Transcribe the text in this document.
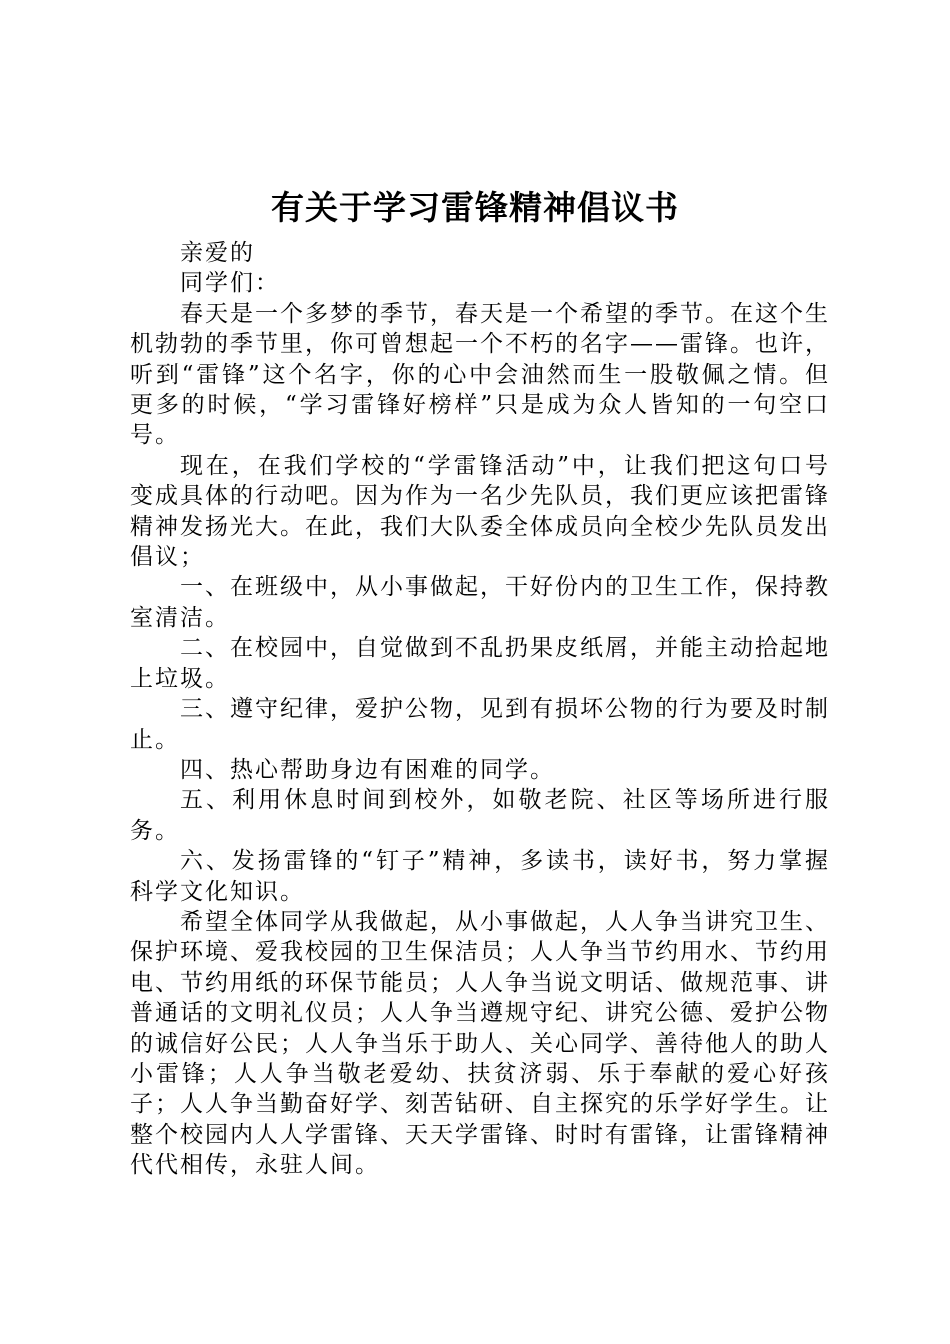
有关于学习雷锋精神倡议书

亲爱的

同学们：

春天是一个多梦的季节，春天是一个希望的季节。在这个生机勃勃的季节里，你可曾想起一个不朽的名字——雷锋。也许，听到“雷锋”这个名字，你的心中会油然而生一股敬佩之情。但更多的时候，“学习雷锋好榜样”只是成为众人皆知的一句空口号。

现在，在我们学校的“学雷锋活动”中，让我们把这句口号变成具体的行动吧。因为作为一名少先队员，我们更应该把雷锋精神发扬光大。在此，我们大队委全体成员向全校少先队员发出倡议；

一、在班级中，从小事做起，干好份内的卫生工作，保持教室清洁。

二、在校园中，自觉做到不乱扔果皮纸屑，并能主动拾起地上垃圾。

三、遵守纪律，爱护公物，见到有损坏公物的行为要及时制止。

四、热心帮助身边有困难的同学。

五、利用休息时间到校外，如敬老院、社区等场所进行服务。

六、发扬雷锋的“钉子”精神，多读书，读好书，努力掌握科学文化知识。

希望全体同学从我做起，从小事做起，人人争当讲究卫生、保护环境、爱我校园的卫生保洁员；人人争当节约用水、节约用电、节约用纸的环保节能员；人人争当说文明话、做规范事、讲普通话的文明礼仪员；人人争当遵规守纪、讲究公德、爱护公物的诚信好公民；人人争当乐于助人、关心同学、善待他人的助人小雷锋；人人争当敬老爱幼、扶贫济弱、乐于奉献的爱心好孩子；人人争当勤奋好学、刻苦钻研、自主探究的乐学好学生。让整个校园内人人学雷锋、天天学雷锋、时时有雷锋，让雷锋精神代代相传，永驻人间。
